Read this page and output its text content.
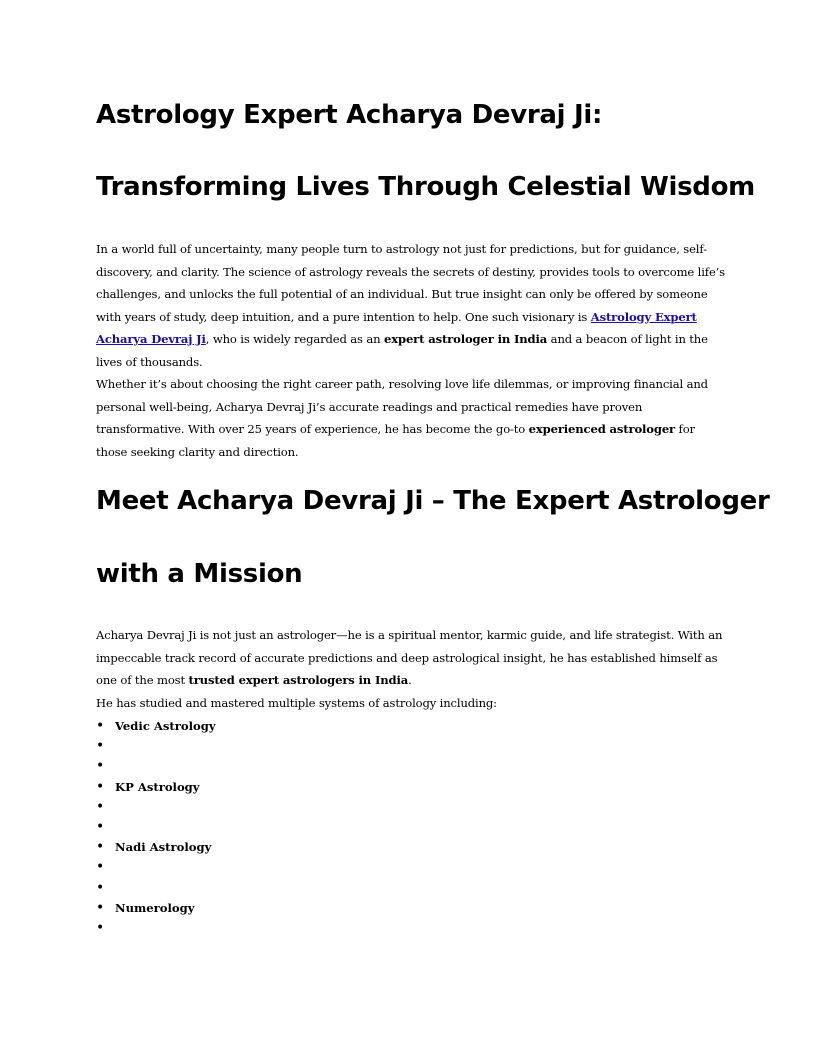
Astrology Expert Acharya Devraj Ji:
Transforming Lives Through Celestial Wisdom

In a world full of uncertainty, many people turn to astrology not just for predictions, but for guidance, self-discovery, and clarity. The science of astrology reveals the secrets of destiny, provides tools to overcome life’s challenges, and unlocks the full potential of an individual. But true insight can only be offered by someone with years of study, deep intuition, and a pure intention to help. One such visionary is Astrology Expert Acharya Devraj Ji, who is widely regarded as an expert astrologer in India and a beacon of light in the lives of thousands.

Whether it’s about choosing the right career path, resolving love life dilemmas, or improving financial and personal well-being, Acharya Devraj Ji’s accurate readings and practical remedies have proven transformative. With over 25 years of experience, he has become the go-to experienced astrologer for those seeking clarity and direction.

Meet Acharya Devraj Ji – The Expert Astrologer
with a Mission

Acharya Devraj Ji is not just an astrologer—he is a spiritual mentor, karmic guide, and life strategist. With an impeccable track record of accurate predictions and deep astrological insight, he has established himself as one of the most trusted expert astrologers in India.

He has studied and mastered multiple systems of astrology including:

• Vedic Astrology
•
•
• KP Astrology
•
•
• Nadi Astrology
•
•
• Numerology
•
